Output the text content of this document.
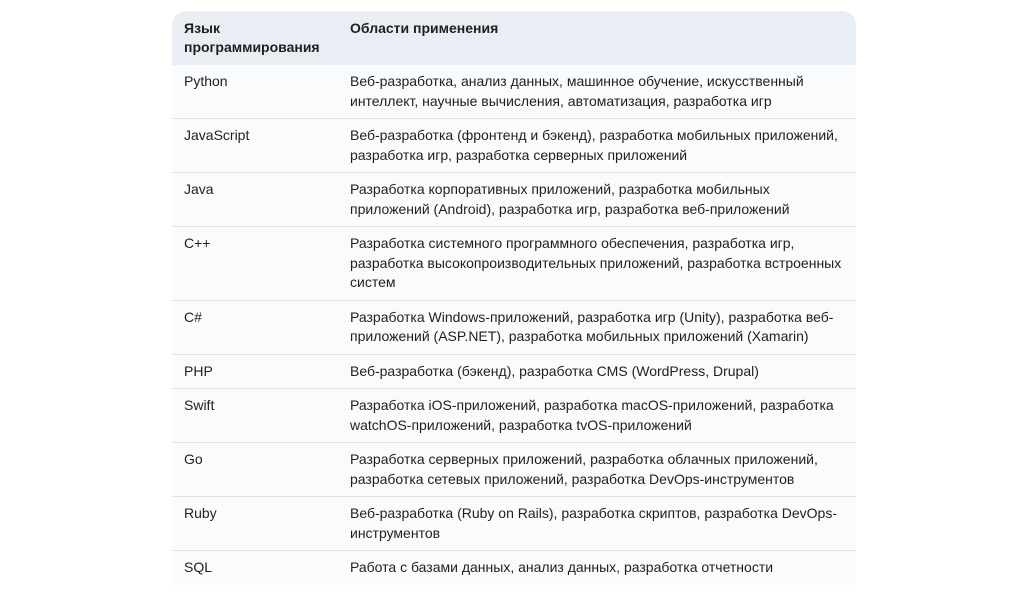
Язык программирования	Области применения
Python	Веб-разработка, анализ данных, машинное обучение, искусственный интеллект, научные вычисления, автоматизация, разработка игр
JavaScript	Веб-разработка (фронтенд и бэкенд), разработка мобильных приложений, разработка игр, разработка серверных приложений
Java	Разработка корпоративных приложений, разработка мобильных приложений (Android), разработка игр, разработка веб-приложений
C++	Разработка системного программного обеспечения, разработка игр, разработка высокопроизводительных приложений, разработка встроенных систем
C#	Разработка Windows-приложений, разработка игр (Unity), разработка веб-приложений (ASP.NET), разработка мобильных приложений (Xamarin)
PHP	Веб-разработка (бэкенд), разработка CMS (WordPress, Drupal)
Swift	Разработка iOS-приложений, разработка macOS-приложений, разработка watchOS-приложений, разработка tvOS-приложений
Go	Разработка серверных приложений, разработка облачных приложений, разработка сетевых приложений, разработка DevOps-инструментов
Ruby	Веб-разработка (Ruby on Rails), разработка скриптов, разработка DevOps-инструментов
SQL	Работа с базами данных, анализ данных, разработка отчетности
